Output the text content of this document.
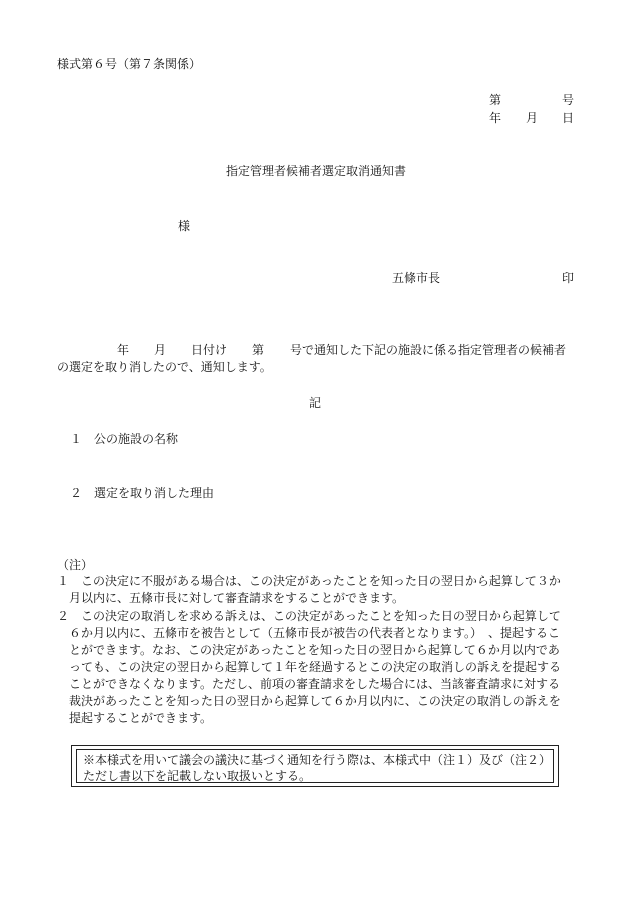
様式第６号（第７条関係）
第	号
年 月 日
指定管理者候補者選定取消通知書
様
五條市長	印
年 月 日付け 第 号で通知した下記の施設に係る指定管理者の候補者
の選定を取り消したので、通知します。
記
１ 公の施設の名称
２ 選定を取り消した理由
（注）
１ この決定に不服がある場合は、この決定があったことを知った日の翌日から起算して３か
月以内に、五條市長に対して審査請求をすることができます。
２ この決定の取消しを求める訴えは、この決定があったことを知った日の翌日から起算して
６か月以内に、五條市を被告として（五條市長が被告の代表者となります。）　、提起するこ
とができます。なお、この決定があったことを知った日の翌日から起算して６か月以内であ
っても、この決定の翌日から起算して１年を経過するとこの決定の取消しの訴えを提起する
ことができなくなります。ただし、前項の審査請求をした場合には、当該審査請求に対する
裁決があったことを知った日の翌日から起算して６か月以内に、この決定の取消しの訴えを
提起することができます。
※本様式を用いて議会の議決に基づく通知を行う際は、本様式中（注１）及び（注２）
ただし書以下を記載しない取扱いとする。
